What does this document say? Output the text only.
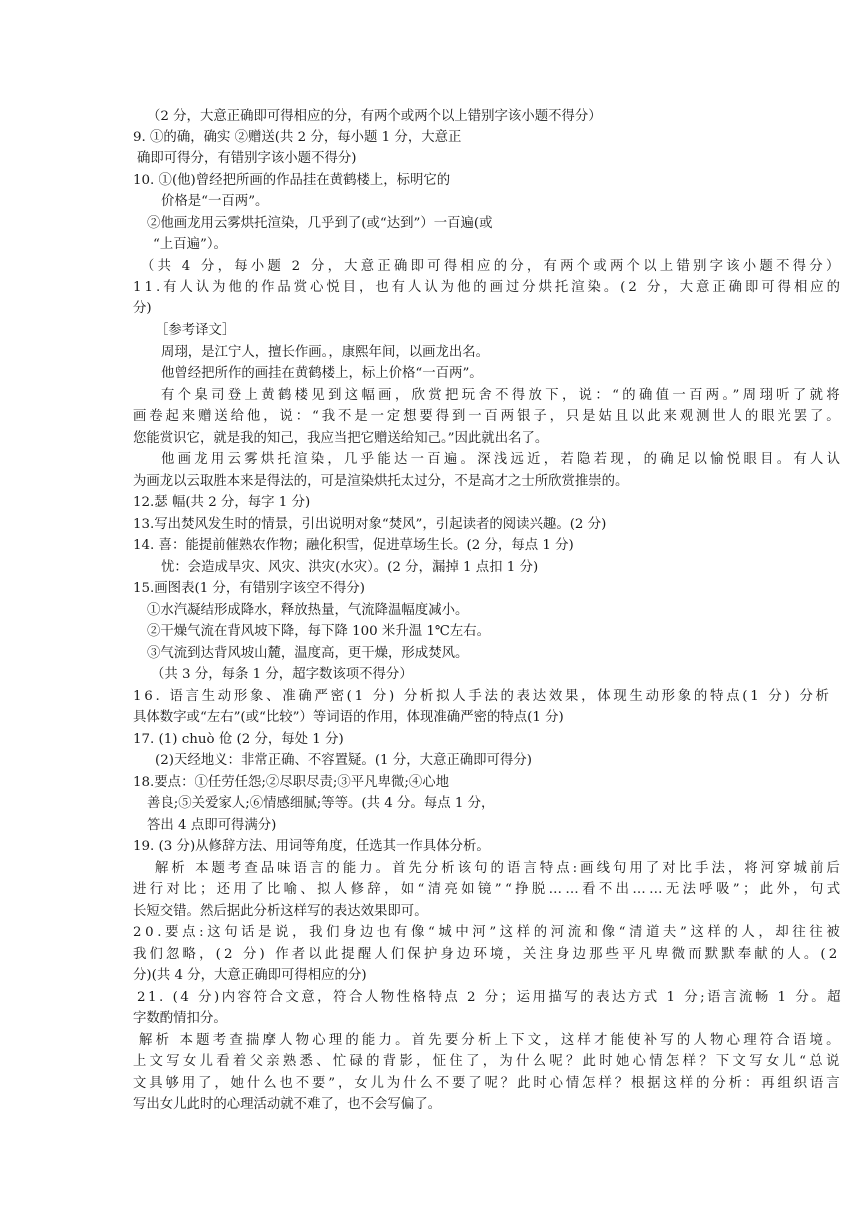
（2 分，大意正确即可得相应的分，有两个或两个以上错别字该小题不得分）
9. ①的确，确实 ②赠送(共 2 分，每小题 1 分，大意正
确即可得分，有错别字该小题不得分)
10. ①(他)曾经把所画的作品挂在黄鹤楼上，标明它的
价格是“一百两”。
②他画龙用云雾烘托渲染，几乎到了(或“达到”）一百遍(或
“上百遍”）。
（共 4 分，每小题 2 分，大意正确即可得相应的分，有两个或两个以上错别字该小题不得分）
11.有人认为他的作品赏心悦目，也有人认为他的画过分烘托渲染。(2 分，大意正确即可得相应的
分)
［参考译文］
周珝，是江宁人，擅长作画。，康熙年间，以画龙出名。
他曾经把所作的画挂在黄鹤楼上，标上价格“一百两”。
有个臬司登上黄鹤楼见到这幅画，欣赏把玩舍不得放下，说：“的确值一百两。”周珝听了就将
画卷起来赠送给他，说：“我不是一定想要得到一百两银子，只是姑且以此来观测世人的眼光罢了。
您能赏识它，就是我的知己，我应当把它赠送给知己。”因此就出名了。
他画龙用云雾烘托渲染，几乎能达一百遍。深浅远近，若隐若现，的确足以愉悦眼目。有人认
为画龙以云取胜本来是得法的，可是渲染烘托太过分，不是高才之士所欣赏推崇的。
12.瑟 幅(共 2 分，每字 1 分)
13.写出焚风发生时的情景，引出说明对象“焚风”，引起读者的阅读兴趣。(2 分)
14. 喜：能提前催熟农作物；融化积雪，促进草场生长。(2 分，每点 1 分)
忧：会造成旱灾、风灾、洪灾(水灾）。(2 分，漏掉 1 点扣 1 分)
15.画图表(1 分，有错别字该空不得分)
①水汽凝结形成降水，释放热量，气流降温幅度减小。
②干燥气流在背风坡下降，每下降 100 米升温 1℃左右。
③气流到达背风坡山麓，温度高，更干燥，形成焚风。
（共 3 分，每条 1 分，超字数该项不得分）
16. 语言生动形象、准确严密(1 分) 分析拟人手法的表达效果，体现生动形象的特点(1 分) 分析
具体数字或“左右”(或“比较”）等词语的作用，体现准确严密的特点(1 分)
17. (1) chuò 伧 (2 分，每处 1 分)
(2)天经地义：非常正确、不容置疑。(1 分，大意正确即可得分)
18.要点：①任劳任怨;②尽职尽责;③平凡卑微;④心地
善良;⑤关爱家人;⑥情感细腻;等等。(共 4 分。每点 1 分，
答出 4 点即可得满分)
19. (3 分)从修辞方法、用词等角度，任选其一作具体分析。
解析 本题考查品味语言的能力。首先分析该句的语言特点:画线句用了对比手法，将河穿城前后
进行对比；还用了比喻、拟人修辞，如“清亮如镜”“挣脱……看不出……无法呼吸”；此外，句式
长短交错。然后据此分析这样写的表达效果即可。
20.要点:这句话是说，我们身边也有像“城中河”这样的河流和像“清道夫”这样的人，却往往被
我们忽略，(2 分) 作者以此提醒人们保护身边环境，关注身边那些平凡卑微而默默奉献的人。(2
分)(共 4 分，大意正确即可得相应的分)
21. (4 分)内容符合文意，符合人物性格特点 2 分；运用描写的表达方式 1 分;语言流畅 1 分。超
字数酌情扣分。
解析 本题考查揣摩人物心理的能力。首先要分析上下文，这样才能使补写的人物心理符合语境。
上文写女儿看着父亲熟悉、忙碌的背影，怔住了，为什么呢？此时她心情怎样？下文写女儿“总说
文具够用了，她什么也不要”，女儿为什么不要了呢？此时心情怎样？根据这样的分析：再组织语言
写出女儿此时的心理活动就不难了，也不会写偏了。
